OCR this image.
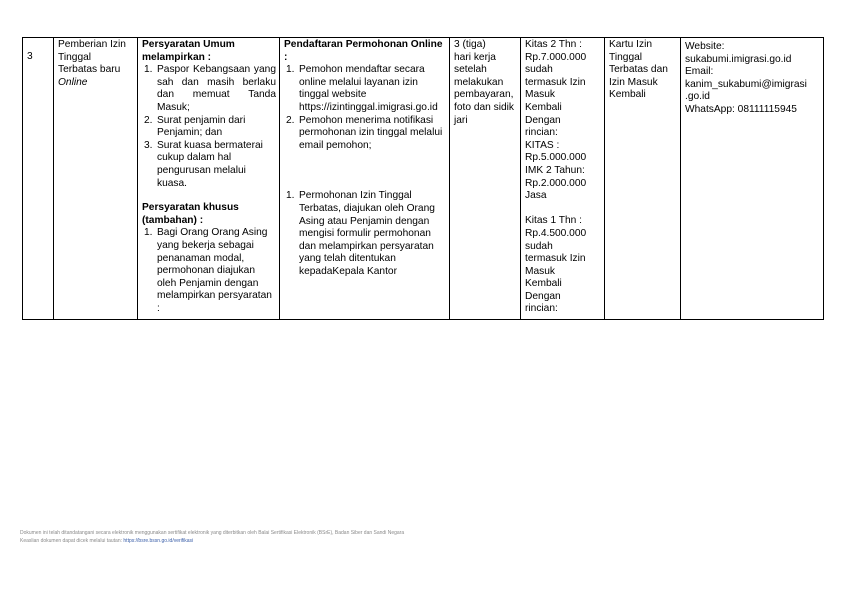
3

Pemberian Izin
Tinggal
Terbatas baru
Online

Persyaratan Umum melampirkan :
1. Paspor Kebangsaan yang sah dan masih berlaku dan memuat Tanda Masuk;
2. Surat penjamin dari Penjamin; dan
3. Surat kuasa bermaterai cukup dalam hal pengurusan melalui kuasa.
Persyaratan khusus (tambahan) :
1. Bagi Orang Orang Asing yang bekerja sebagai penanaman modal, permohonan diajukan oleh Penjamin dengan melampirkan persyaratan :

Pendaftaran Permohonan Online :
1. Pemohon mendaftar secara online melalui layanan izin tinggal website https://izintinggal.imigrasi.go.id
2. Pemohon menerima notifikasi permohonan izin tinggal melalui email pemohon;
1. Permohonan Izin Tinggal Terbatas, diajukan oleh Orang Asing atau Penjamin dengan mengisi formulir permohonan dan melampirkan persyaratan yang telah ditentukan kepadaKepala Kantor

3 (tiga)
hari kerja
setelah
melakukan
pembayaran,
foto dan sidik
jari

Kitas 2 Thn :
Rp.7.000.000
sudah
termasuk Izin
Masuk
Kembali
Dengan
rincian:
KITAS :
Rp.5.000.000
IMK 2 Tahun:
Rp.2.000.000
Jasa
Kitas 1 Thn :
Rp.4.500.000
sudah
termasuk Izin
Masuk
Kembali
Dengan
rincian:

Kartu Izin
Tinggal
Terbatas dan
Izin Masuk
Kembali

Website:
sukabumi.imigrasi.go.id
Email:
kanim_sukabumi@imigrasi
.go.id
WhatsApp: 08111115945
Dokumen ini telah ditandatangani secara elektronik menggunakan sertifikat elektronik yang diterbitkan oleh Balai Sertifikasi Elektronik (BSrE), Badan Siber dan Sandi Negara
Keaslian dokumen dapat dicek melalui tautan: https://bsre.bssn.go.id/verifikasi
